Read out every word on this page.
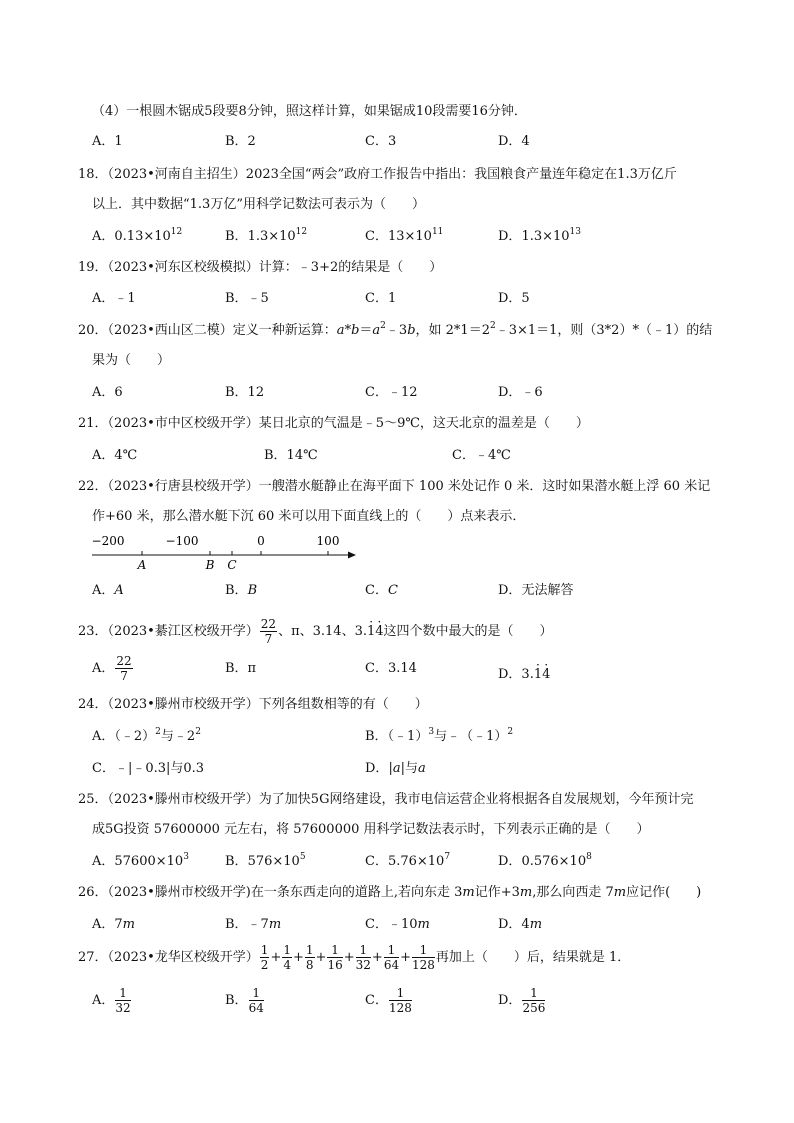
（4）一根圆木锯成5段要8分钟，照这样计算，如果锯成10段需要16分钟．
A．1	B．2	C．3	D．4
18．（2023•河南自主招生）2023全国“两会”政府工作报告中指出：我国粮食产量连年稳定在1.3万亿斤
以上．其中数据“1.3万亿”用科学记数法可表示为（　　）
A．$0.13\times 10^{12}$	B．$1.3\times 10^{12}$	C．$13\times 10^{11}$	D．$1.3\times 10^{13}$
19．（2023•河东区校级模拟）计算：﹣3+2的结果是（　　）
A．﹣1	B．﹣5	C．1	D．5
20．（2023•西山区二模）定义一种新运算：$a*b=a^2﹣3b$，如 $2*1=2^2﹣3\times 1=1$，则（3*2）*（﹣1）的结
果为（　　）
A．6	B．12	C．﹣12	D．﹣6
21．（2023•市中区校级开学）某日北京的气温是﹣5～9℃，这天北京的温差是（　　）
A．4℃	B．14℃	C．﹣4℃
22．（2023•行唐县校级开学）一艘潜水艇静止在海平面下 100 米处记作 0 米．这时如果潜水艇上浮 60 米记
作+60 米，那么潜水艇下沉 60 米可以用下面直线上的（　　）点来表示．
−200	−100	0	100
A	B C
A．A	B．B	C．C	D．无法解答
23．（2023•綦江区校级开学） $\frac{22}{7}$ 、π、3.14、3.· 1· 4这四个数中最大的是（　　）
A． $\frac{22}{7}$	B．π	C．3.14	D．3.· 1· 4
24．（2023•滕州市校级开学）下列各组数相等的有（　　）
A．（﹣2）$^2$与$﹣2^2$	B．（﹣1）$^3$与﹣（﹣1）$^2$
C．﹣|﹣0.3|与0.3	D．|a|与a
25．（2023•滕州市校级开学）为了加快5G网络建设，我市电信运营企业将根据各自发展规划，今年预计完
成5G投资 57600000 元左右，将 57600000 用科学记数法表示时，下列表示正确的是（　　）
A．$57600\times 10^3$	B．$576\times 10^5$	C．$5.76\times 10^7$	D．$0.576\times 10^8$
26．（2023•滕州市校级开学)在一条东西走向的道路上,若向东走 3m记作+3m,那么向西走 7m应记作(　　)
A．7m	B．﹣7m	C．﹣10m	D．4m
27．（2023•龙华区校级开学） $\frac{1}{2} + \frac{1}{4} + \frac{1}{8} + \frac{1}{16} + \frac{1}{32} + \frac{1}{64} + \frac{1}{128}$ 再加上（　　）后，结果就是 1．
A． $\frac{1}{32}$	B． $\frac{1}{64}$	C． $\frac{1}{128}$	D． $\frac{1}{256}$
